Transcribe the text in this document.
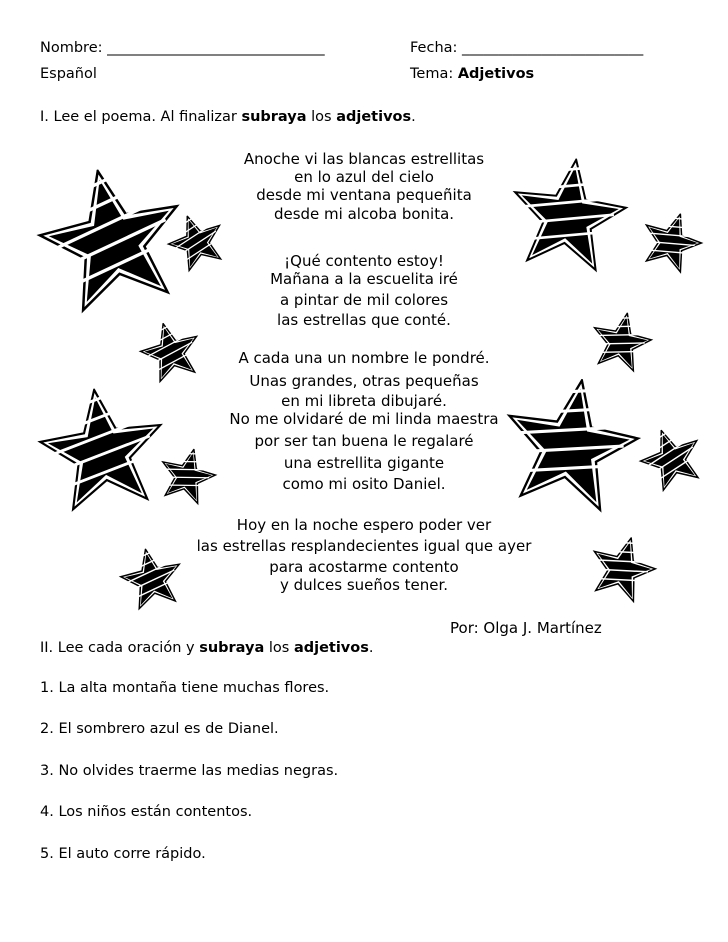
Nombre: ______________________________	Fecha: _________________________
Español	Tema: Adjetivos
I. Lee el poema. Al finalizar subraya los adjetivos.
Anoche vi las blancas estrellitas
en lo azul del cielo
desde mi ventana pequeñita
desde mi alcoba bonita.
¡Qué contento estoy!
Mañana a la escuelita iré
a pintar de mil colores
las estrellas que conté.
A cada una un nombre le pondré.
Unas grandes, otras pequeñas
en mi libreta dibujaré.
No me olvidaré de mi linda maestra
por ser tan buena le regalaré
una estrellita gigante
como mi osito Daniel.
Hoy en la noche espero poder ver
las estrellas resplandecientes igual que ayer
para acostarme contento
y dulces sueños tener.
Por: Olga J. Martínez
II. Lee cada oración y subraya los adjetivos.
1. La alta montaña tiene muchas flores.
2. El sombrero azul es de Dianel.
3. No olvides traerme las medias negras.
4. Los niños están contentos.
5. El auto corre rápido.
